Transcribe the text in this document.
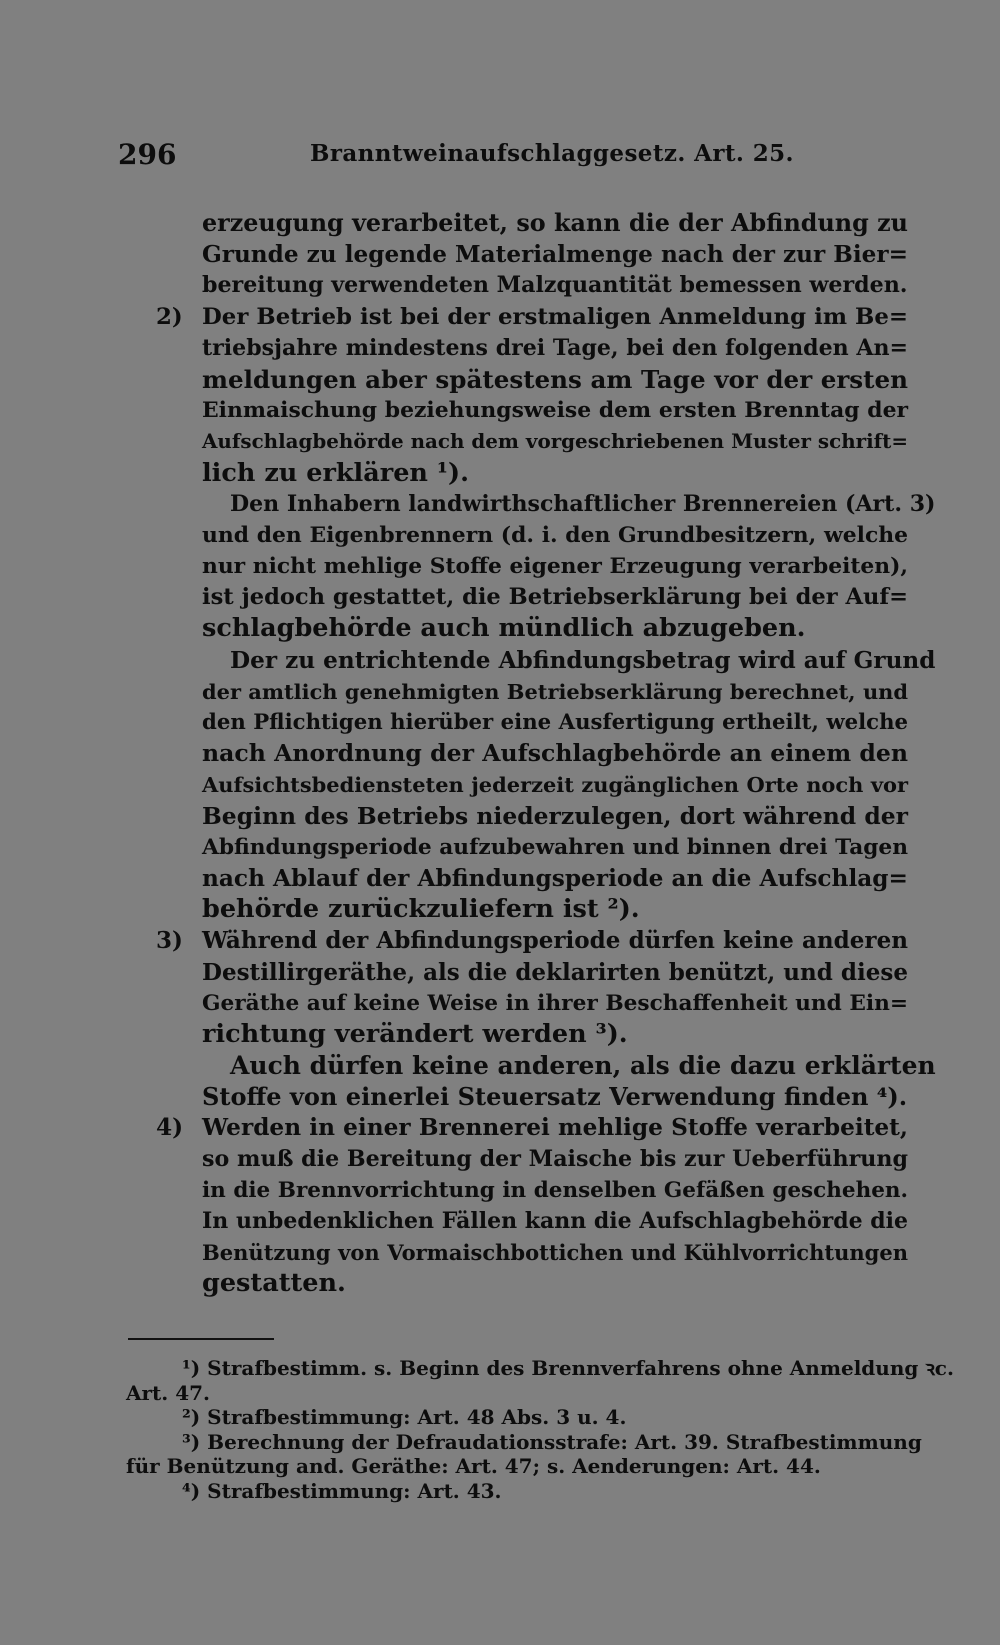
296	Branntweinaufschlaggesetz. Art. 25.
erzeugung verarbeitet, so kann die der Abfindung zu
Grunde zu legende Materialmenge nach der zur Bier=
bereitung verwendeten Malzquantität bemessen werden.
2) Der Betrieb ist bei der erstmaligen Anmeldung im Be=
triebsjahre mindestens drei Tage, bei den folgenden An=
meldungen aber spätestens am Tage vor der ersten
Einmaischung beziehungsweise dem ersten Brenntag der
Aufschlagbehörde nach dem vorgeschriebenen Muster schrift=
lich zu erklären ¹).
Den Inhabern landwirthschaftlicher Brennereien (Art. 3)
und den Eigenbrennern (d. i. den Grundbesitzern, welche
nur nicht mehlige Stoffe eigener Erzeugung verarbeiten),
ist jedoch gestattet, die Betriebserklärung bei der Auf=
schlagbehörde auch mündlich abzugeben.
Der zu entrichtende Abfindungsbetrag wird auf Grund
der amtlich genehmigten Betriebserklärung berechnet, und
den Pflichtigen hierüber eine Ausfertigung ertheilt, welche
nach Anordnung der Aufschlagbehörde an einem den
Aufsichtsbediensteten jederzeit zugänglichen Orte noch vor
Beginn des Betriebs niederzulegen, dort während der
Abfindungsperiode aufzubewahren und binnen drei Tagen
nach Ablauf der Abfindungsperiode an die Aufschlag=
behörde zurückzuliefern ist ²).
3) Während der Abfindungsperiode dürfen keine anderen
Destillirgeräthe, als die deklarirten benützt, und diese
Geräthe auf keine Weise in ihrer Beschaffenheit und Ein=
richtung verändert werden ³).
Auch dürfen keine anderen, als die dazu erklärten
Stoffe von einerlei Steuersatz Verwendung finden ⁴).
4) Werden in einer Brennerei mehlige Stoffe verarbeitet,
so muß die Bereitung der Maische bis zur Ueberführung
in die Brennvorrichtung in denselben Gefäßen geschehen.
In unbedenklichen Fällen kann die Aufschlagbehörde die
Benützung von Vormaischbottichen und Kühlvorrichtungen
gestatten.
¹) Strafbestimm. s. Beginn des Brennverfahrens ohne Anmeldung ꝛc.
Art. 47.
²) Strafbestimmung: Art. 48 Abs. 3 u. 4.
³) Berechnung der Defraudationsstrafe: Art. 39. Strafbestimmung
für Benützung and. Geräthe: Art. 47; s. Aenderungen: Art. 44.
⁴) Strafbestimmung: Art. 43.
